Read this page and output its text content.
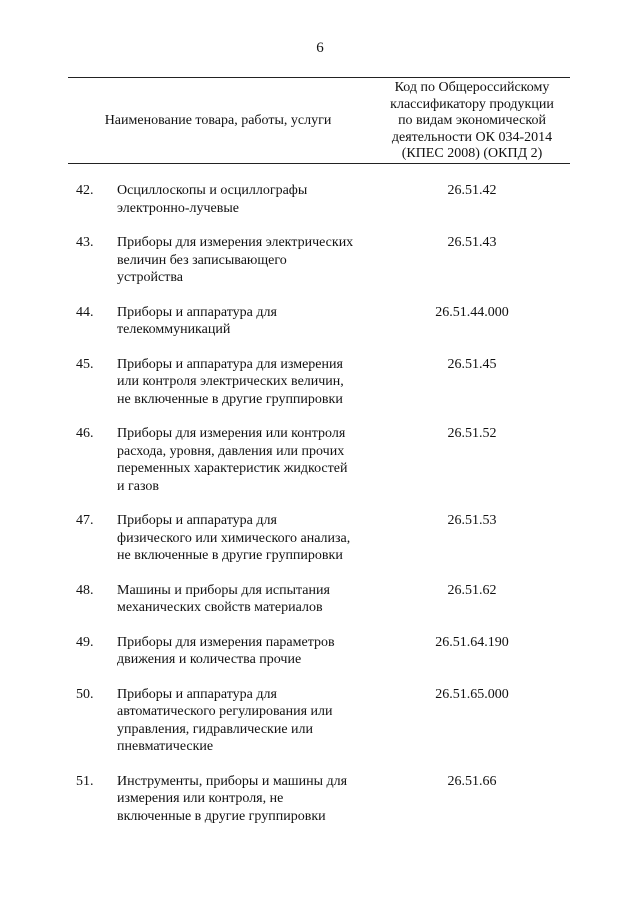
6
Наименование товара, работы, услуги
Код по Общероссийскому
классификатору продукции
по видам экономической
деятельности ОК 034-2014
(КПЕС 2008) (ОКПД 2)
42.	Осциллоскопы и осциллографы
электронно-лучевые
26.51.42
43.	Приборы для измерения электрических
величин без записывающего
устройства
26.51.43
44.	Приборы и аппаратура для
телекоммуникаций
26.51.44.000
45.	Приборы и аппаратура для измерения
или контроля электрических величин,
не включенные в другие группировки
26.51.45
46.	Приборы для измерения или контроля
расхода, уровня, давления или прочих
переменных характеристик жидкостей
и газов
26.51.52
47.	Приборы и аппаратура для
физического или химического анализа,
не включенные в другие группировки
26.51.53
48.	Машины и приборы для испытания
механических свойств материалов
26.51.62
49.	Приборы для измерения параметров
движения и количества прочие
26.51.64.190
50.	Приборы и аппаратура для
автоматического регулирования или
управления, гидравлические или
пневматические
26.51.65.000
51.	Инструменты, приборы и машины для
измерения или контроля, не
включенные в другие группировки
26.51.66
